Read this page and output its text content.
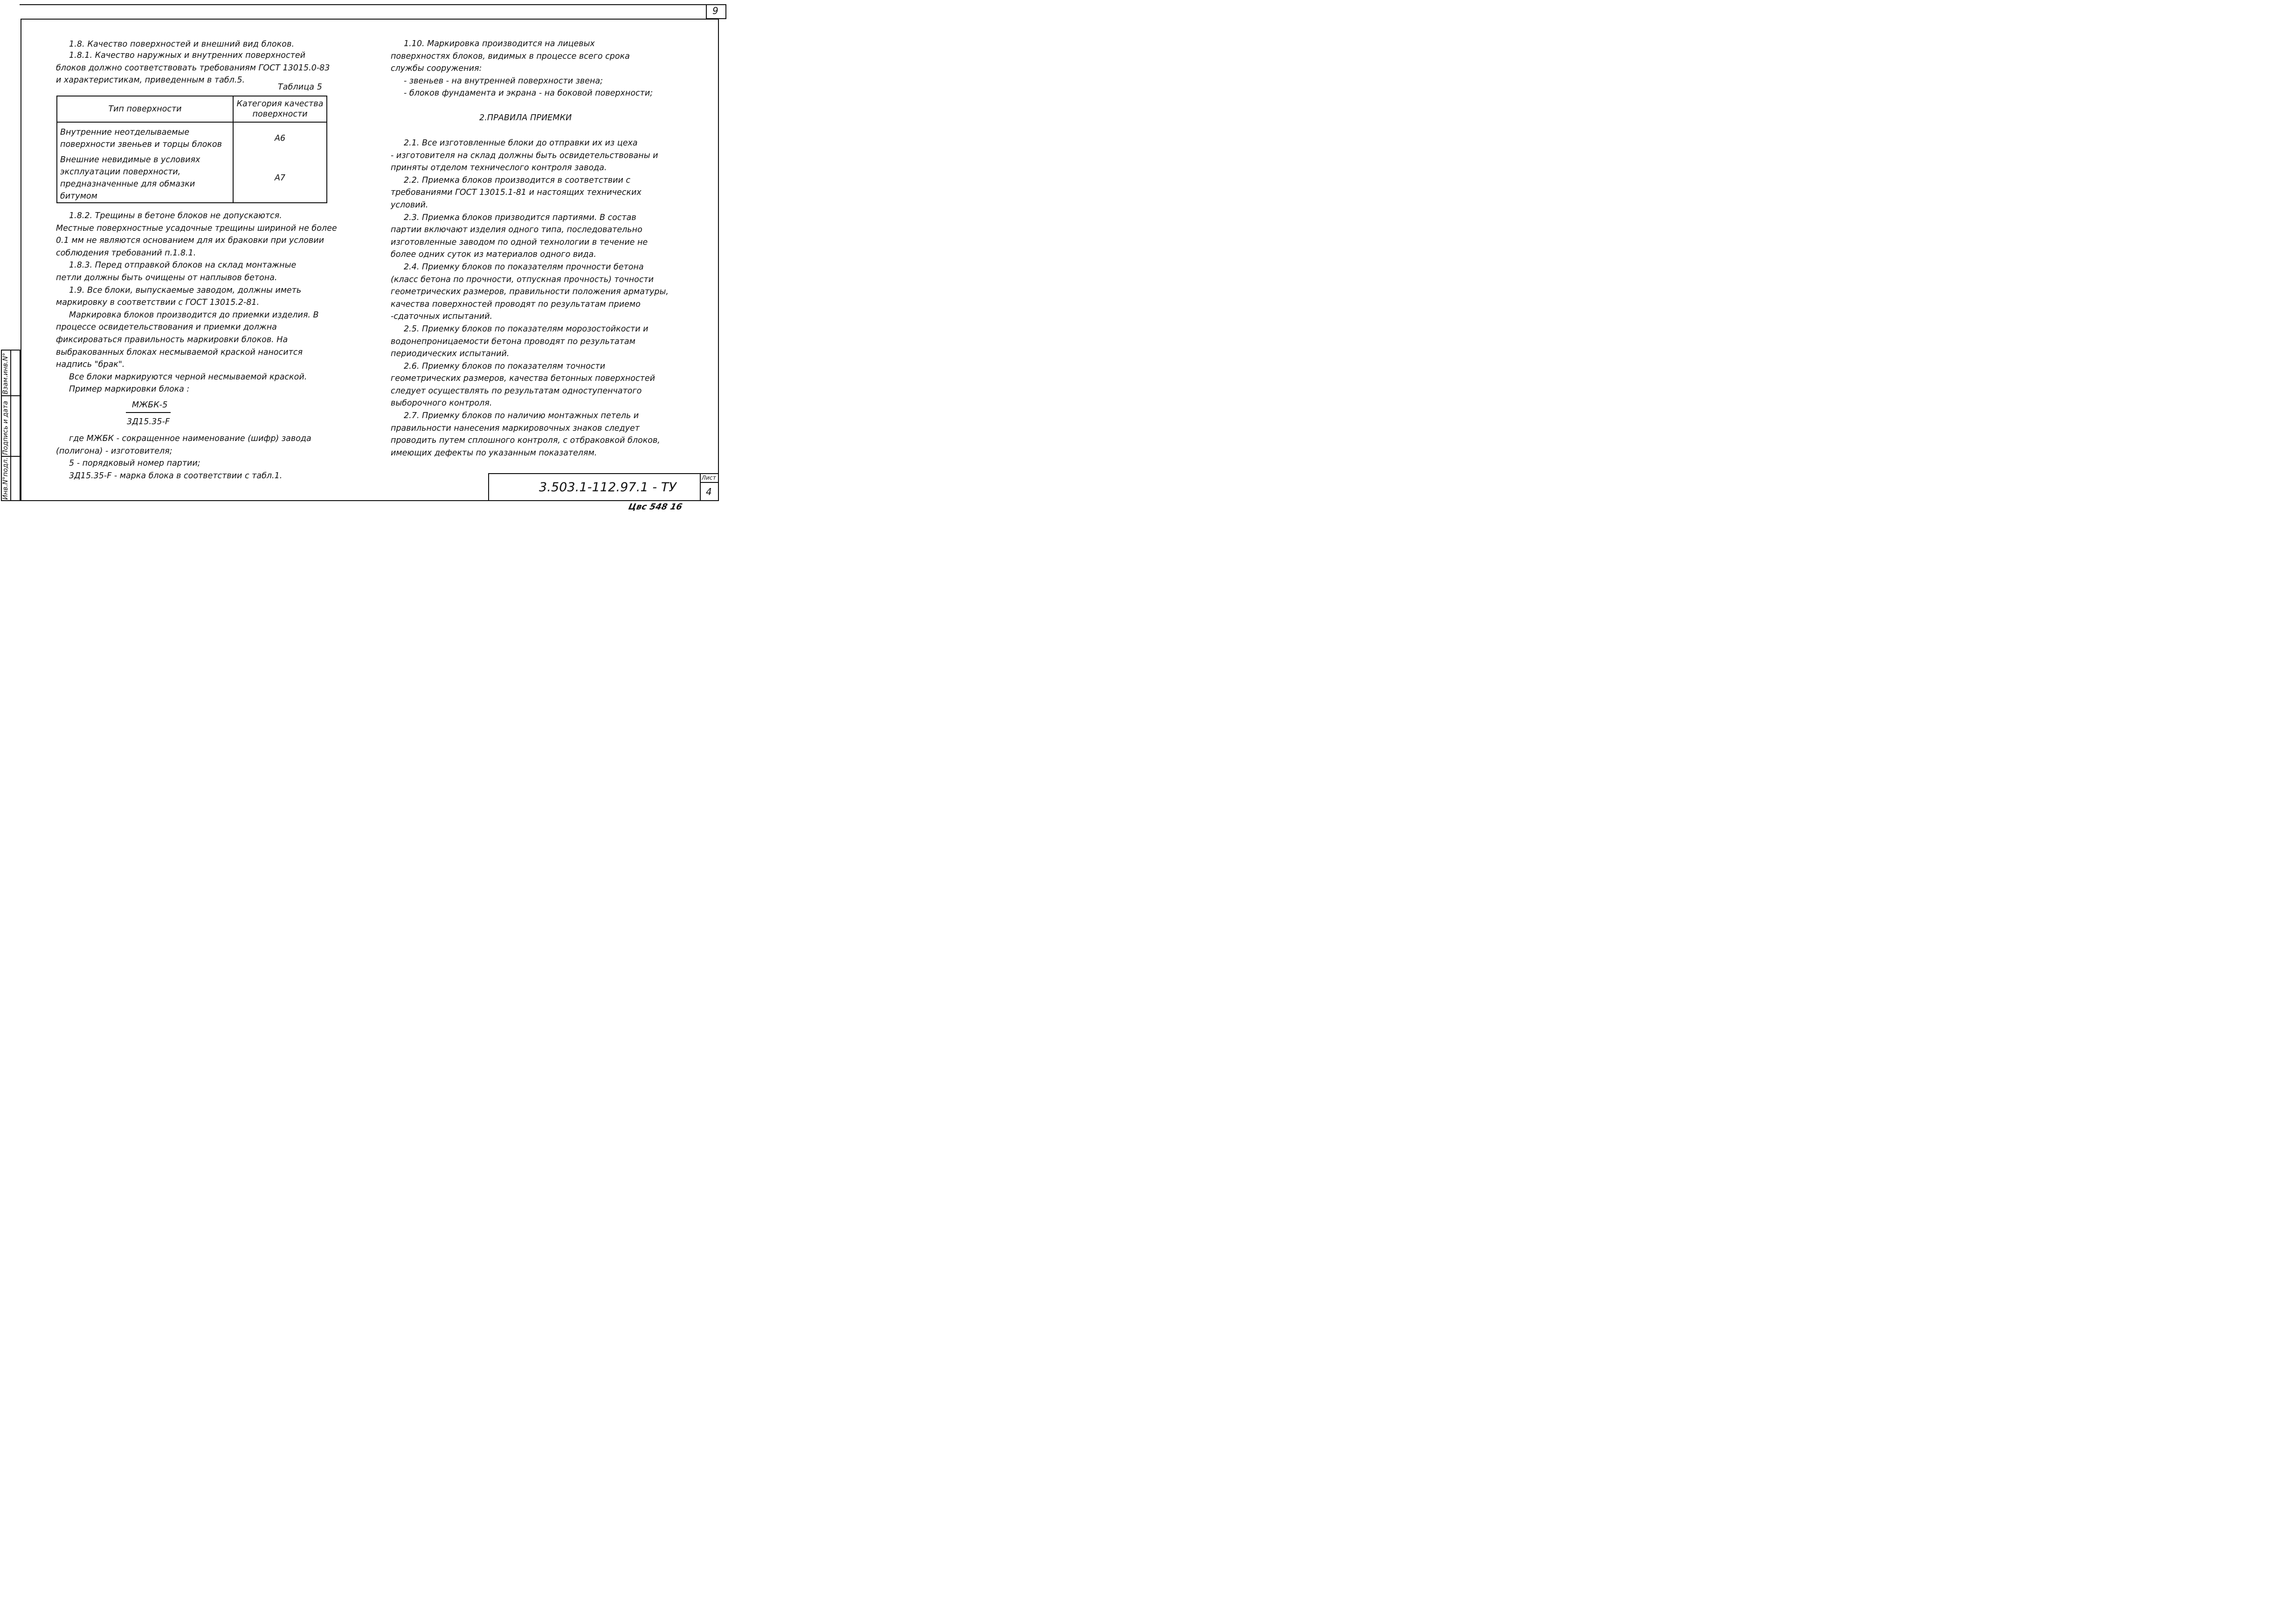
9
Взам.инв.N°
Подпись и дата
Инв.N°подл.
1.8. Качество поверхностей и внешний вид блоков.
1.8.1. Качество наружных и внутренних поверхностей
блоков должно соответствовать требованиям ГОСТ 13015.0-83
и характеристикам, приведенным в табл.5.
Таблица 5
Тип поверхности	Категория качества поверхности

Внутренние неотделываемые
поверхности звеньев и торцы блоков	А6

Внешние невидимые в условиях
эксплуатации поверхности,
предназначенные для обмазки битумом	А7
1.8.2. Трещины в бетоне блоков не допускаются.
Местные поверхностные усадочные трещины шириной не более
0.1 мм не являются основанием для их браковки при условии
соблюдения требований п.1.8.1.
1.8.3. Перед отправкой блоков на склад монтажные
петли должны быть очищены от наплывов бетона.
1.9. Все блоки, выпускаемые заводом, должны иметь
маркировку в соответствии с ГОСТ 13015.2-81.
Маркировка блоков производится до приемки изделия. В
процессе освидетельствования и приемки должна
фиксироваться правильность маркировки блоков. На
выбракованных блоках несмываемой краской наносится
надпись "брак".
Все блоки маркируются черной несмываемой краской.
Пример маркировки блока :
МЖБК-5
3Д15.35-F
где МЖБК - сокращенное наименование (шифр) завода
(полигона) - изготовителя;
5 - порядковый номер партии;
3Д15.35-F - марка блока в соответствии с табл.1.
1.10. Маркировка производится на лицевых
поверхностях блоков, видимых в процессе всего срока
службы сооружения:
- звеньев - на внутренней поверхности звена;
- блоков фундамента и экрана - на боковой поверхности;
2.ПРАВИЛА ПРИЕМКИ
2.1. Все изготовленные блоки до отправки их из цеха
- изготовителя на склад должны быть освидетельствованы и
приняты отделом техничеслого контроля завода.
2.2. Приемка блоков производится в соответствии с
требованиями ГОСТ 13015.1-81 и настоящих технических
условий.
2.3. Приемка блоков призводится партиями. В состав
партии включают изделия одного типа, последовательно
изготовленные заводом по одной технологии в течение не
более одних суток из материалов одного вида.
2.4. Приемку блоков по показателям прочности бетона
(класс бетона по прочности, отпускная прочность) точности
геометрических размеров, правильности положения арматуры,
качества поверхностей проводят по результатам приемо
-сдаточных испытаний.
2.5. Приемку блоков по показателям морозостойкости и
водонепроницаемости бетона проводят по результатам
периодических испытаний.
2.6. Приемку блоков по показателям точности
геометрических размеров, качества бетонных поверхностей
следует осуществлять по результатам одноступенчатого
выборочного контроля.
2.7. Приемку блоков по наличию монтажных петель и
правильности нанесения маркировочных знаков следует
проводить путем сплошного контроля, с отбраковкой блоков,
имеющих дефекты по указанным показателям.
3.503.1-112.97.1 - ТУ
Лист
4
Цвс 548 16
